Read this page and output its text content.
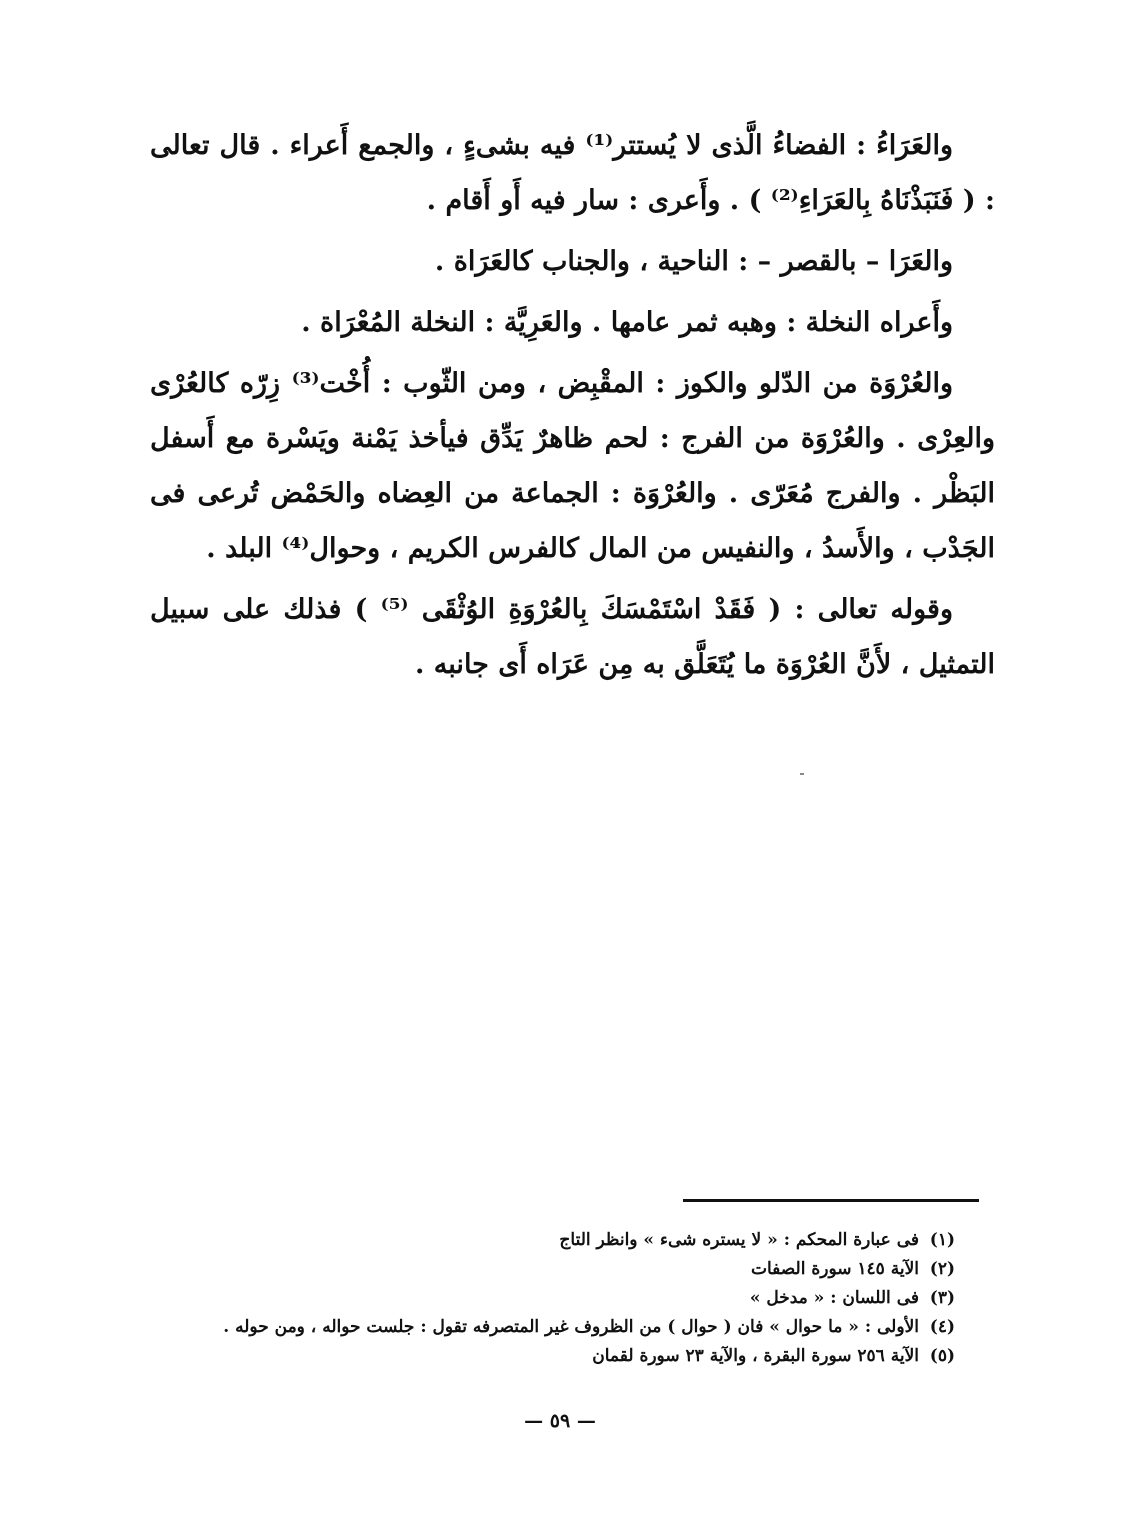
والعَرَاءُ : الفضاءُ الَّذى لا يُستتر⁽¹⁾ فيه بشىءٍ ، والجمع أَعراء . قال تعالى : ( فَنَبَذْنَاهُ بِالعَرَاءِ⁽²⁾ ) . وأَعرى : سار فيه أَو أَقام .

والعَرَا – بالقصر – : الناحية ، والجناب كالعَرَاة .

وأَعراه النخلة : وهبه ثمر عامها . والعَرِيَّة : النخلة المُعْرَاة .

والعُرْوَة من الدّلو والكوز : المقْبِض ، ومن الثّوب : أُخْت⁽³⁾ زِرّه كالعُرْى والعِرْى . والعُرْوَة من الفرج : لحم ظاهرٌ يَدِّق فيأخذ يَمْنة ويَسْرة مع أَسفل البَظْر . والفرج مُعَرّى . والعُرْوَة : الجماعة من العِضاه والحَمْض تُرعى فى الجَدْب ، والأَسدُ ، والنفيس من المال كالفرس الكريم ، وحوال⁽⁴⁾ البلد .

وقوله تعالى : ( فَقَدْ اسْتَمْسَكَ بِالعُرْوَةِ الوُثْقَى ⁽⁵⁾ ) فذلك على سبيل التمثيل ، لأَنَّ العُرْوَة ما يُتَعَلَّق به مِن عَرَاه أَى جانبه .

(١)
فى عبارة المحكم : « لا يستره شىء » وانظر التاج
(٢)
الآية ١٤٥ سورة الصفات
(٣)
فى اللسان : « مدخل »
(٤)
الأولى : « ما حوال » فان ( حوال ) من الظروف غير المتصرفه تقول : جلست حواله ، ومن حوله .
(٥)
الآية ٢٥٦ سورة البقرة ، والآية ٢٣ سورة لقمان
— ٥٩ —
